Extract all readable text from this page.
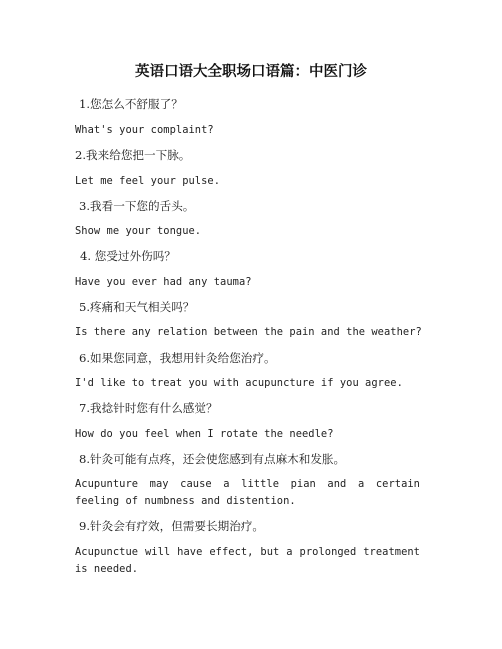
英语口语大全职场口语篇：中医门诊

1.您怎么不舒服了？

What's your complaint?

2.我来给您把一下脉。

Let me feel your pulse.

3.我看一下您的舌头。

Show me your tongue.

4. 您受过外伤吗？

Have you ever had any tauma?

5.疼痛和天气相关吗？

Is there any relation between the pain and the weather?

6.如果您同意，我想用针灸给您治疗。

I'd like to treat you with acupuncture if you agree.

7.我捻针时您有什么感觉？

How do you feel when I rotate the needle?

8.针灸可能有点疼，还会使您感到有点麻木和发胀。

Acupunture may cause a little pian and a certain feeling of numbness and distention.

9.针灸会有疗效，但需要长期治疗。

Acupunctue will have effect, but a prolonged treatment is needed.
